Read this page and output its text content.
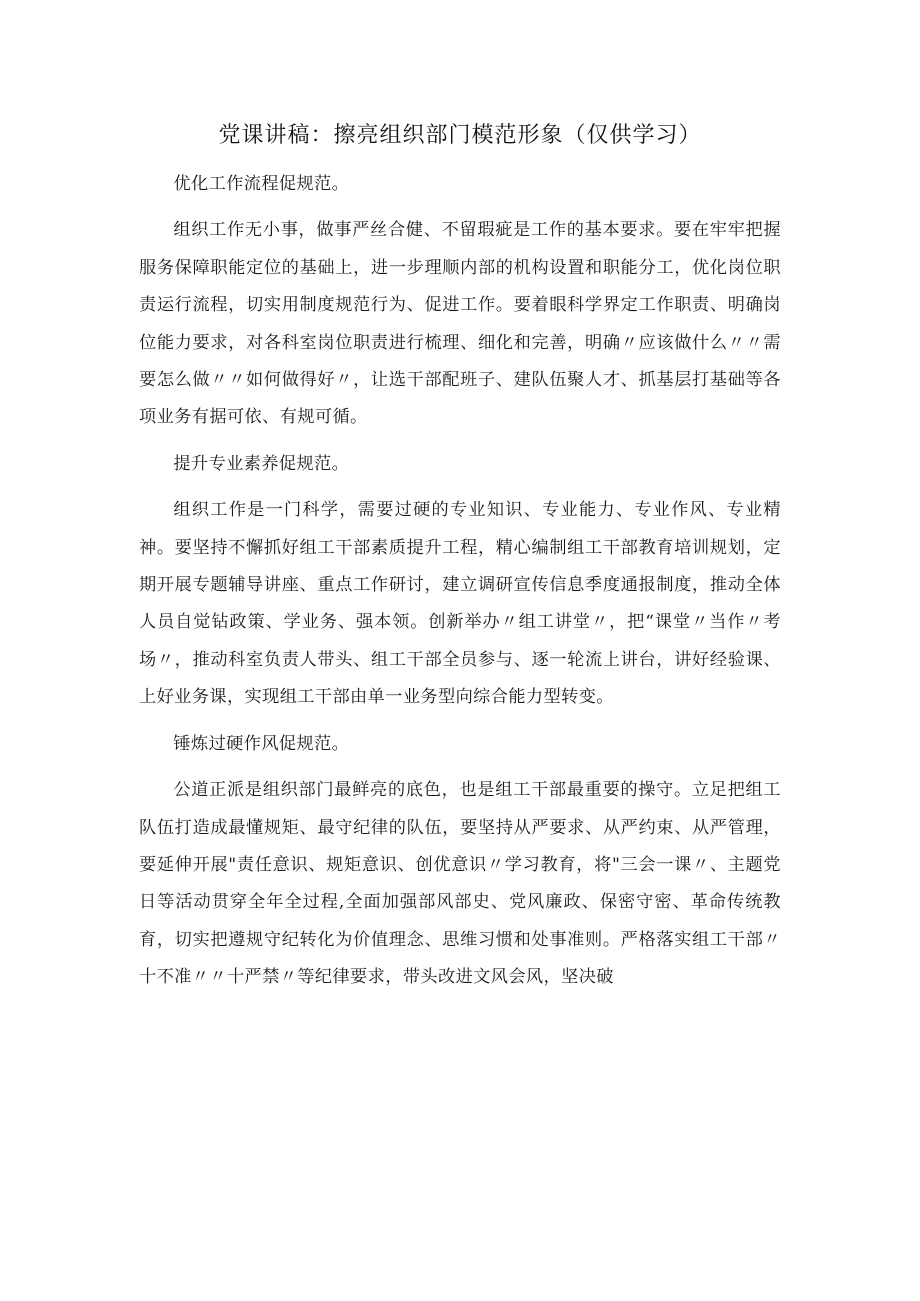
党课讲稿：擦亮组织部门模范形象（仅供学习）

优化工作流程促规范。

组织工作无小事，做事严丝合健、不留瑕疵是工作的基本要求。要在牢牢把握服务保障职能定位的基础上，进一步理顺内部的机构设置和职能分工，优化岗位职责运行流程，切实用制度规范行为、促进工作。要着眼科学界定工作职责、明确岗位能力要求，对各科室岗位职责进行梳理、细化和完善，明确〃应该做什么〃〃需要怎么做〃〃如何做得好〃，让选干部配班子、建队伍聚人才、抓基层打基础等各项业务有据可依、有规可循。

提升专业素养促规范。

组织工作是一门科学，需要过硬的专业知识、专业能力、专业作风、专业精神。要坚持不懈抓好组工干部素质提升工程，精心编制组工干部教育培训规划，定期开展专题辅导讲座、重点工作研讨，建立调研宣传信息季度通报制度，推动全体人员自觉钻政策、学业务、强本领。创新举办〃组工讲堂〃，把“课堂〃当作〃考场〃，推动科室负责人带头、组工干部全员参与、逐一轮流上讲台，讲好经验课、上好业务课，实现组工干部由单一业务型向综合能力型转变。

锤炼过硬作风促规范。

公道正派是组织部门最鲜亮的底色，也是组工干部最重要的操守。立足把组工队伍打造成最懂规矩、最守纪律的队伍，要坚持从严要求、从严约束、从严管理，要延伸开展"责任意识、规矩意识、创优意识〃学习教育，将"三会一课〃、主题党日等活动贯穿全年全过程,全面加强部风部史、党风廉政、保密守密、革命传统教育，切实把遵规守纪转化为价值理念、思维习惯和处事准则。严格落实组工干部〃十不准〃〃十严禁〃等纪律要求，带头改进文风会风，坚决破
